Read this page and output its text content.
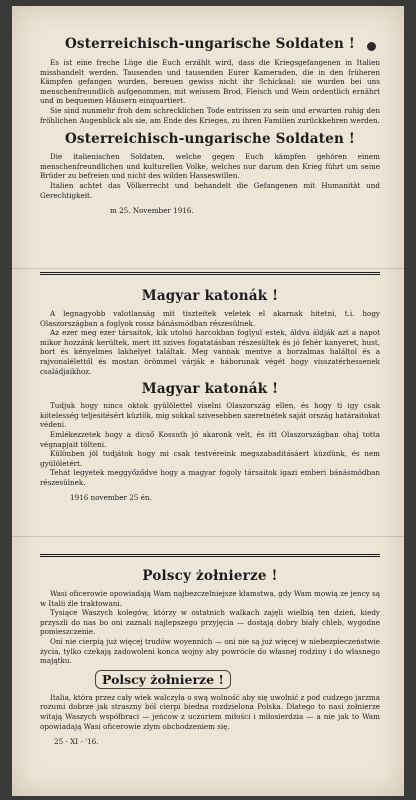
Osterreichisch-ungarische Soldaten !

Es ist eine freche Lüge die Euch erzählt wird, dass die Kriegsgefangenen in Italien misshandelt werden. Tausenden und tausenden Eurer Kameraden, die in den früheren Kämpfen gefangen wurden, bereuen gewiss nicht ihr Schicksal: sie wurden bei uns menschenfreundlich aufgenommen, mit weissem Brod, Fleisch und Wein ordentlich ernährt und in bequemen Häusern einquartiert.

Sie sind nunmehr froh dem schrecklichen Tode entrissen zu sein und erwarten ruhig den fröhlichen Augenblick als sie, am Ende des Krieges, zu ihren Familien zurückkehren werden.

Osterreichisch-ungarische Soldaten !

Die italienischen Soldaten, welche gegen Euch kämpfen gehören einem menschenfreundlichen und kulturellen Volke, welches nur darum den Krieg führt um seine Brüder zu befreien und nicht des wilden Hasseswillen.

Italien achtet das Völkerrecht und behandelt die Gefangenen mit Humanität und Gerechtigkeit.

m 25. November 1916.

Magyar katonák !

A legnagyobb valotlanság mit tiszteitek veletek el akarnak hitetni, t.i. hogy Olaszországban a foglyok rossz bánásmódban részesülnek.

Az ezer meg ezer társaitok, kik utolsó harcokban foglyul estek, áldva áldják azt a napot mikor hozzánk kerültek, mert itt szives fogatatásban részesültek és jó fehér kanyeret, hust, bort és kényelmes lakhelyet találtak. Meg vannak mentve a borzalmas haláltol és a rajvonalélettől és mostan örömmel várják e háborunak végét hogy visszatérhessenek családjaikhoz.

Magyar katonák !

Tudjuk hogy nincs oktok gyülölettel viselni Olaszország ellen, és hogy ti igy csak kötelesség teljesitésért küztök, mig sokkal szivesebben szeretnétek saját ország határaitokat védeni.

Emlékezzetek hogy a dicső Kossuth jó akaronk velt, és itt Olaszországban ohaj totta végnapjait tölteni.

Különben jól tudjátok hogy mi csak testvéreink megszabaditásáert küzdünk, és nem gyülöletért.

Tehát legyetek meggyőződve hogy a magyar fogoly társaitok igazi emberi bánásmódban részesülnek.

1916 november 25 én.

Polscy żołnierze !

Wasi oficerowie opowiadają Wam najbezczelniejsze kłamstwa, gdy Wam mowią ze jency są w Italii źle traktowani.

Tysiące Waszych kolegów, którzy w ostatnich walkach zajęli wielbią ten dzień, kiedy przyszli do nas bo oni zaznali najlepszego przyjęcia — dostają dobry biały chleb, wygodne pomieszczenie.

Oni nie cierpią już więcej trudów woyennich — oni nie są już więcej w niebezpieczeństwie życia, tylko czekają zadowoleni konca wojny aby powrócie do własnej rodziny i do własnego majątku.

Polscy żołnierze !

Italia, która przez cały wiek walczyła o swą wolność aby się uwolnić z pod cudzego jarzma rozumi dobrze jak straszny ból cierpi biedna rozdzielona Polska. Dlatego to nasi żołnierze witają Waszych współbraci — jeńcow z uczuriem miłości i miłosierdzia — a nie jak to Wam opowiadają Wasi oficerowie złym obchodzeniem się.

25 - XI - '16.
